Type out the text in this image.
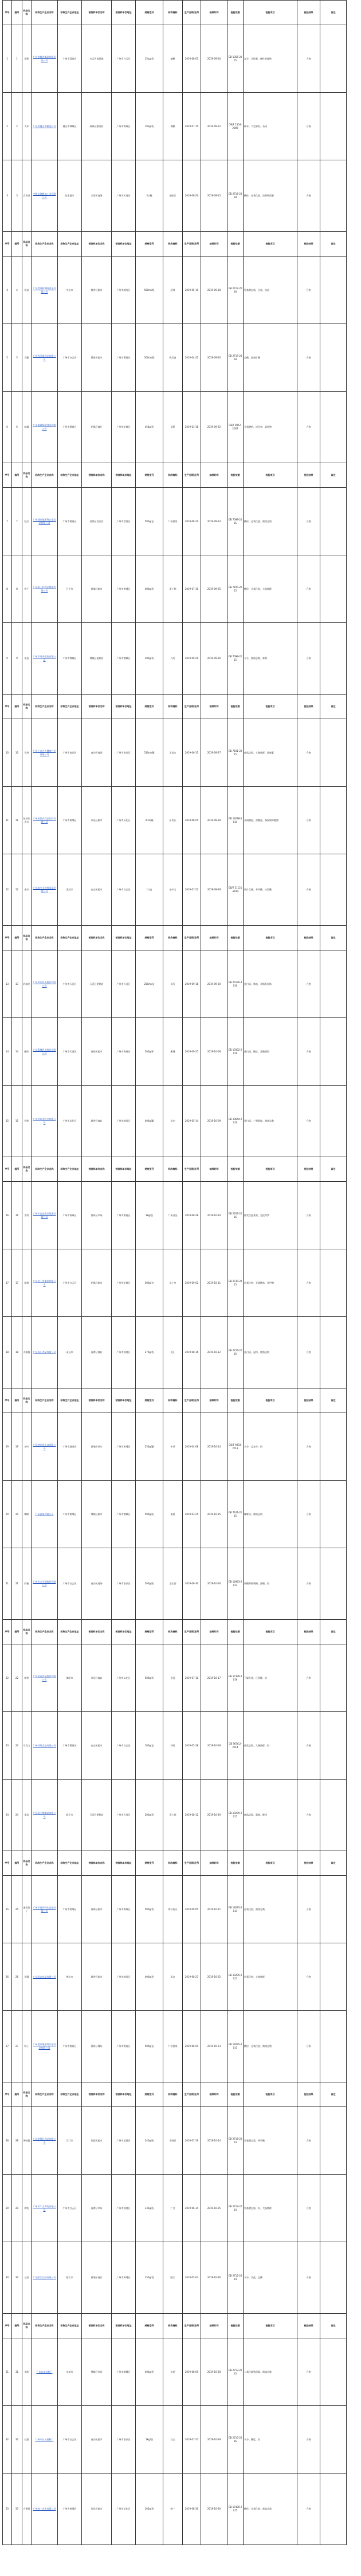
序号	编号	样品名称	标称生产企业名称	标称生产企业地址	被抽样单位名称	被抽样单位地址	规格型号	标称商标	生产日期/批号	抽样时间	检验依据	检验项目	检验结果	备注
1	1	面粉	广州市粮食集团有限责任公司	广州市荔湾区	白云区商贸城	广州市白云区	25kg/袋	穗粮	2019-08-01	2019-09-10	GB 1355-2005	灰分、含砂量、磁性金属物	合格	
2	2	大米	广东省佛山市粮油公司	佛山市禅城区	海珠区粮油店	广州市海珠区	10kg/袋	佛粮	2019-07-15	2019-09-12	GB/T 1354-2009	碎米、不完善粒、杂质	合格	
3	3	食用油	中粮东海粮油工业有限公司	张家港市	天河区商场	广州市天河区	5L/桶	福临门	2019-06-20	2019-09-15	GB 2716-2018	酸价、过氧化值、溶剂残留量	合格	
序号	编号	样品名称	标称生产企业名称	标称生产企业地址	被抽样单位名称	被抽样单位地址	规格型号	标称商标	生产日期/批号	抽样时间	检验依据	检验项目	检验结果	备注
4	4	酱油	广东美味鲜调味食品有限公司	中山市	越秀区超市	广州市越秀区	500ml/瓶	厨邦	2019-05-10	2019-09-18	GB 2717-2018	氨基酸态氮、全氮、铵盐	合格	
5	5	食醋	广州致美斋食品有限公司	广州市白云区	番禺区超市	广州市番禺区	500ml/瓶	致美斋	2019-04-22	2019-09-20	GB 2719-2018	总酸、游离矿酸	合格	
6	6	味精	广州奥桑味精食品有限公司	广州市番禺区	花都区商行	广州市花都区	454g/袋	双桥	2019-03-18	2019-09-22	GB/T 8967-2007	谷氨酸钠、透光率、氯化物	合格	
序号	编号	样品名称	标称生产企业名称	标称生产企业地址	被抽样单位名称	被抽样单位地址	规格型号	标称商标	生产日期/批号	抽样时间	检验依据	检验项目	检验结果	备注
7	7	糕点	广州酒家集团利口福食品有限公司	广州市番禺区	荔湾区食品店	广州市荔湾区	500g/盒	广州酒家	2019-08-20	2019-09-24	GB 7099-2015	酸价、过氧化值、菌落总数	合格	
8	8	饼干	广东嘉士利食品集团有限公司	开平市	黄埔区超市	广州市黄埔区	400g/袋	嘉士利	2019-07-30	2019-09-25	GB 7100-2015	酸价、过氧化值、大肠菌群	合格	
9	9	面包	广州市丹麦面包有限公司	广州市增城区	增城区便利店	广州市增城区	200g/袋	丹麦	2019-09-20	2019-09-26	GB 7099-2015	水分、菌落总数、霉菌	合格	
序号	编号	样品名称	标称生产企业名称	标称生产企业地址	被抽样单位名称	被抽样单位地址	规格型号	标称商标	生产日期/批号	抽样时间	检验依据	检验项目	检验结果	备注
10	10	饮料	广州王老吉大健康产业有限公司	广州市南沙区	南沙区商场	广州市南沙区	310ml/罐	王老吉	2019-06-11	2019-09-27	GB 7101-2015	菌落总数、大肠菌群、甜蜜素	合格	
11	11	包装饮用水	广州屈臣氏食品饮料有限公司	广州市黄埔区	从化区超市	广州市从化区	4.5L/桶	屈臣氏	2019-08-05	2019-09-28	GB 19298-2014	亚硝酸盐、溴酸盐、铜绿假单胞菌	合格	
12	12	果汁	广东加多宝饮料食品有限公司	清远市	白云区超市	广州市白云区	1L/盒	加多宝	2019-07-22	2019-09-29	GB/T 31121-2014	果汁含量、苯甲酸、山梨酸	合格	
序号	编号	样品名称	标称生产企业名称	标称生产企业地址	被抽样单位名称	被抽样单位地址	规格型号	标称商标	生产日期/批号	抽样时间	检验依据	检验项目	检验结果	备注
13	13	乳制品	广州风行乳业股份有限公司	广州市天河区	天河区便利店	广州市天河区	250ml/盒	风行	2019-09-18	2019-09-30	GB 25190-2010	蛋白质、脂肪、非脂乳固体	合格	
14	14	酸奶	广东燕塘乳业股份有限公司	广州市天河区	海珠区超市	广州市海珠区	200g/杯	燕塘	2019-09-25	2019-10-08	GB 19302-2010	蛋白质、酸度、乳酸菌数	合格	
15	15	奶粉	广州市东龙乳业有限公司	广州市从化区	越秀区商店	广州市越秀区	400g/罐	东龙	2019-05-14	2019-10-09	GB 19644-2010	蛋白质、三聚氰胺、菌落总数	合格	
序号	编号	样品名称	标称生产企业名称	标称生产企业地址	被抽样单位名称	被抽样单位地址	规格型号	标称商标	生产日期/批号	抽样时间	检验依据	检验项目	检验结果	备注
16	16	冻肉	广州市食品企业集团有限公司	广州市海珠区	番禺区市场	广州市番禺区	1kg/袋	广州食品	2019-08-28	2019-10-10	GB 2707-2016	挥发性盐基氮、克伦特罗	合格	
17	17	腊肠	广州皇上皇集团有限公司	广州市白云区	花都区超市	广州市花都区	500g/包	皇上皇	2019-09-02	2019-10-11	GB 2730-2015	过氧化值、亚硝酸盐、苯甲酸	合格	
18	18	火腿肠	广东双汇食品有限公司	清远市	荔湾区商店	广州市荔湾区	270g/袋	双汇	2019-08-16	2019-10-12	GB 2726-2016	蛋白质、淀粉、菌落总数	合格	
序号	编号	样品名称	标称生产企业名称	标称生产企业地址	被抽样单位名称	被抽样单位地址	规格型号	标称商标	生产日期/批号	抽样时间	检验依据	检验项目	检验结果	备注
19	19	茶叶	广东茶叶进出口有限公司	广州市越秀区	黄埔区茶庄	广州市黄埔区	250g/罐	中茶	2019-04-08	2019-10-14	GB/T 9833-2013	水分、总灰分、铅	合格	
20	20	咖啡	广州雀巢有限公司	广州市黄埔区	增城区超市	广州市增城区	500g/瓶	雀巢	2019-03-25	2019-10-15	GB 7101-2015	咖啡因、菌落总数	合格	
21	21	蜂蜜	广州市宝生园股份有限公司	广州市白云区	南沙区商场	广州市南沙区	500g/瓶	宝生园	2019-06-30	2019-10-16	GB 14963-2011	果糖和葡萄糖、蔗糖、铅	合格	
序号	编号	样品名称	标称生产企业名称	标称生产企业地址	被抽样单位名称	被抽样单位地址	规格型号	标称商标	生产日期/批号	抽样时间	检验依据	检验项目	检验结果	备注
22	22	糖果	广东金冠食品股份有限公司	揭阳市	从化区商店	广州市从化区	500g/袋	金冠	2019-07-10	2019-10-17	GB 17399-2016	干燥失重、还原糖、铅	合格	
23	23	巧克力	广州好时食品有限公司	广州市番禺区	白云区超市	广州市白云区	180g/盒	好时	2019-05-28	2019-10-18	GB 9678.2-2014	菌落总数、大肠菌群、铅	合格	
24	24	果冻	广东喜之郎集团有限公司	阳江市	天河区便利店	广州市天河区	200g/袋	喜之郎	2019-08-12	2019-10-19	GB 19299-2015	菌落总数、霉菌、酵母	合格	
序号	编号	样品名称	标称生产企业名称	标称生产企业地址	被抽样单位名称	被抽样单位地址	规格型号	标称商标	生产日期/批号	抽样时间	检验依据	检验项目	检验结果	备注
25	25	速冻饺子	广州市湾仔码头食品有限公司	广州市黄埔区	海珠区超市	广州市海珠区	500g/袋	湾仔码头	2019-09-05	2019-10-21	GB 19295-2011	过氧化值、菌落总数	合格	
26	26	汤圆	广东思念食品有限公司	佛山市	越秀区超市	广州市越秀区	400g/袋	思念	2019-08-23	2019-10-22	GB 19295-2011	过氧化值、大肠菌群	合格	
27	27	粽子	广州酒家集团利口福食品有限公司	广州市番禺区	番禺区商场	广州市番禺区	500g/盒	广州酒家	2019-06-01	2019-10-23	GB 19295-2011	酸价、过氧化值、菌落总数	合格	
序号	编号	样品名称	标称生产企业名称	标称生产企业地址	被抽样单位名称	被抽样单位地址	规格型号	标称商标	生产日期/批号	抽样时间	检验依据	检验项目	检验结果	备注
28	28	调味酱	广东李锦记食品有限公司	江门市	花都区超市	广州市花都区	240g/瓶	李锦记	2019-07-19	2019-10-24	GB 2718-2014	氨基酸态氮、苯甲酸	合格	
29	29	腐乳	广州市广合腐乳有限公司	广州市白云区	荔湾区市场	广州市荔湾区	335g/瓶	广合	2019-06-14	2019-10-25	GB 2712-2014	氨基酸态氮、铅、大肠菌群	合格	
30	30	豆豉	广东阳江豆豉有限公司	阳江市	黄埔区商店	广州市黄埔区	250g/袋	阳江	2019-05-03	2019-10-26	GB 2712-2014	水分、食盐、总酸	合格	
序号	编号	样品名称	标称生产企业名称	标称生产企业地址	被抽样单位名称	被抽样单位地址	规格型号	标称商标	生产日期/批号	抽样时间	检验依据	检验项目	检验结果	备注
31	31	米粉	广东东莞米粉厂	东莞市	增城区市场	广州市增城区	400g/袋	东莞	2019-08-09	2019-10-28	GB 2713-2015	二氧化硫残留量、菌落总数	合格	
32	32	挂面	广州市白云面粉厂	广州市白云区	南沙区超市	广州市南沙区	1kg/袋	白云	2019-07-27	2019-10-29	GB 2715-2016	水分、酸度、铅	合格	
33	33	方便面	广州统一企业有限公司	广州市黄埔区	从化区超市	广州市从化区	105g/袋	统一	2019-08-30	2019-10-30	GB 17400-2015	酸价、过氧化值、菌落总数	合格	
